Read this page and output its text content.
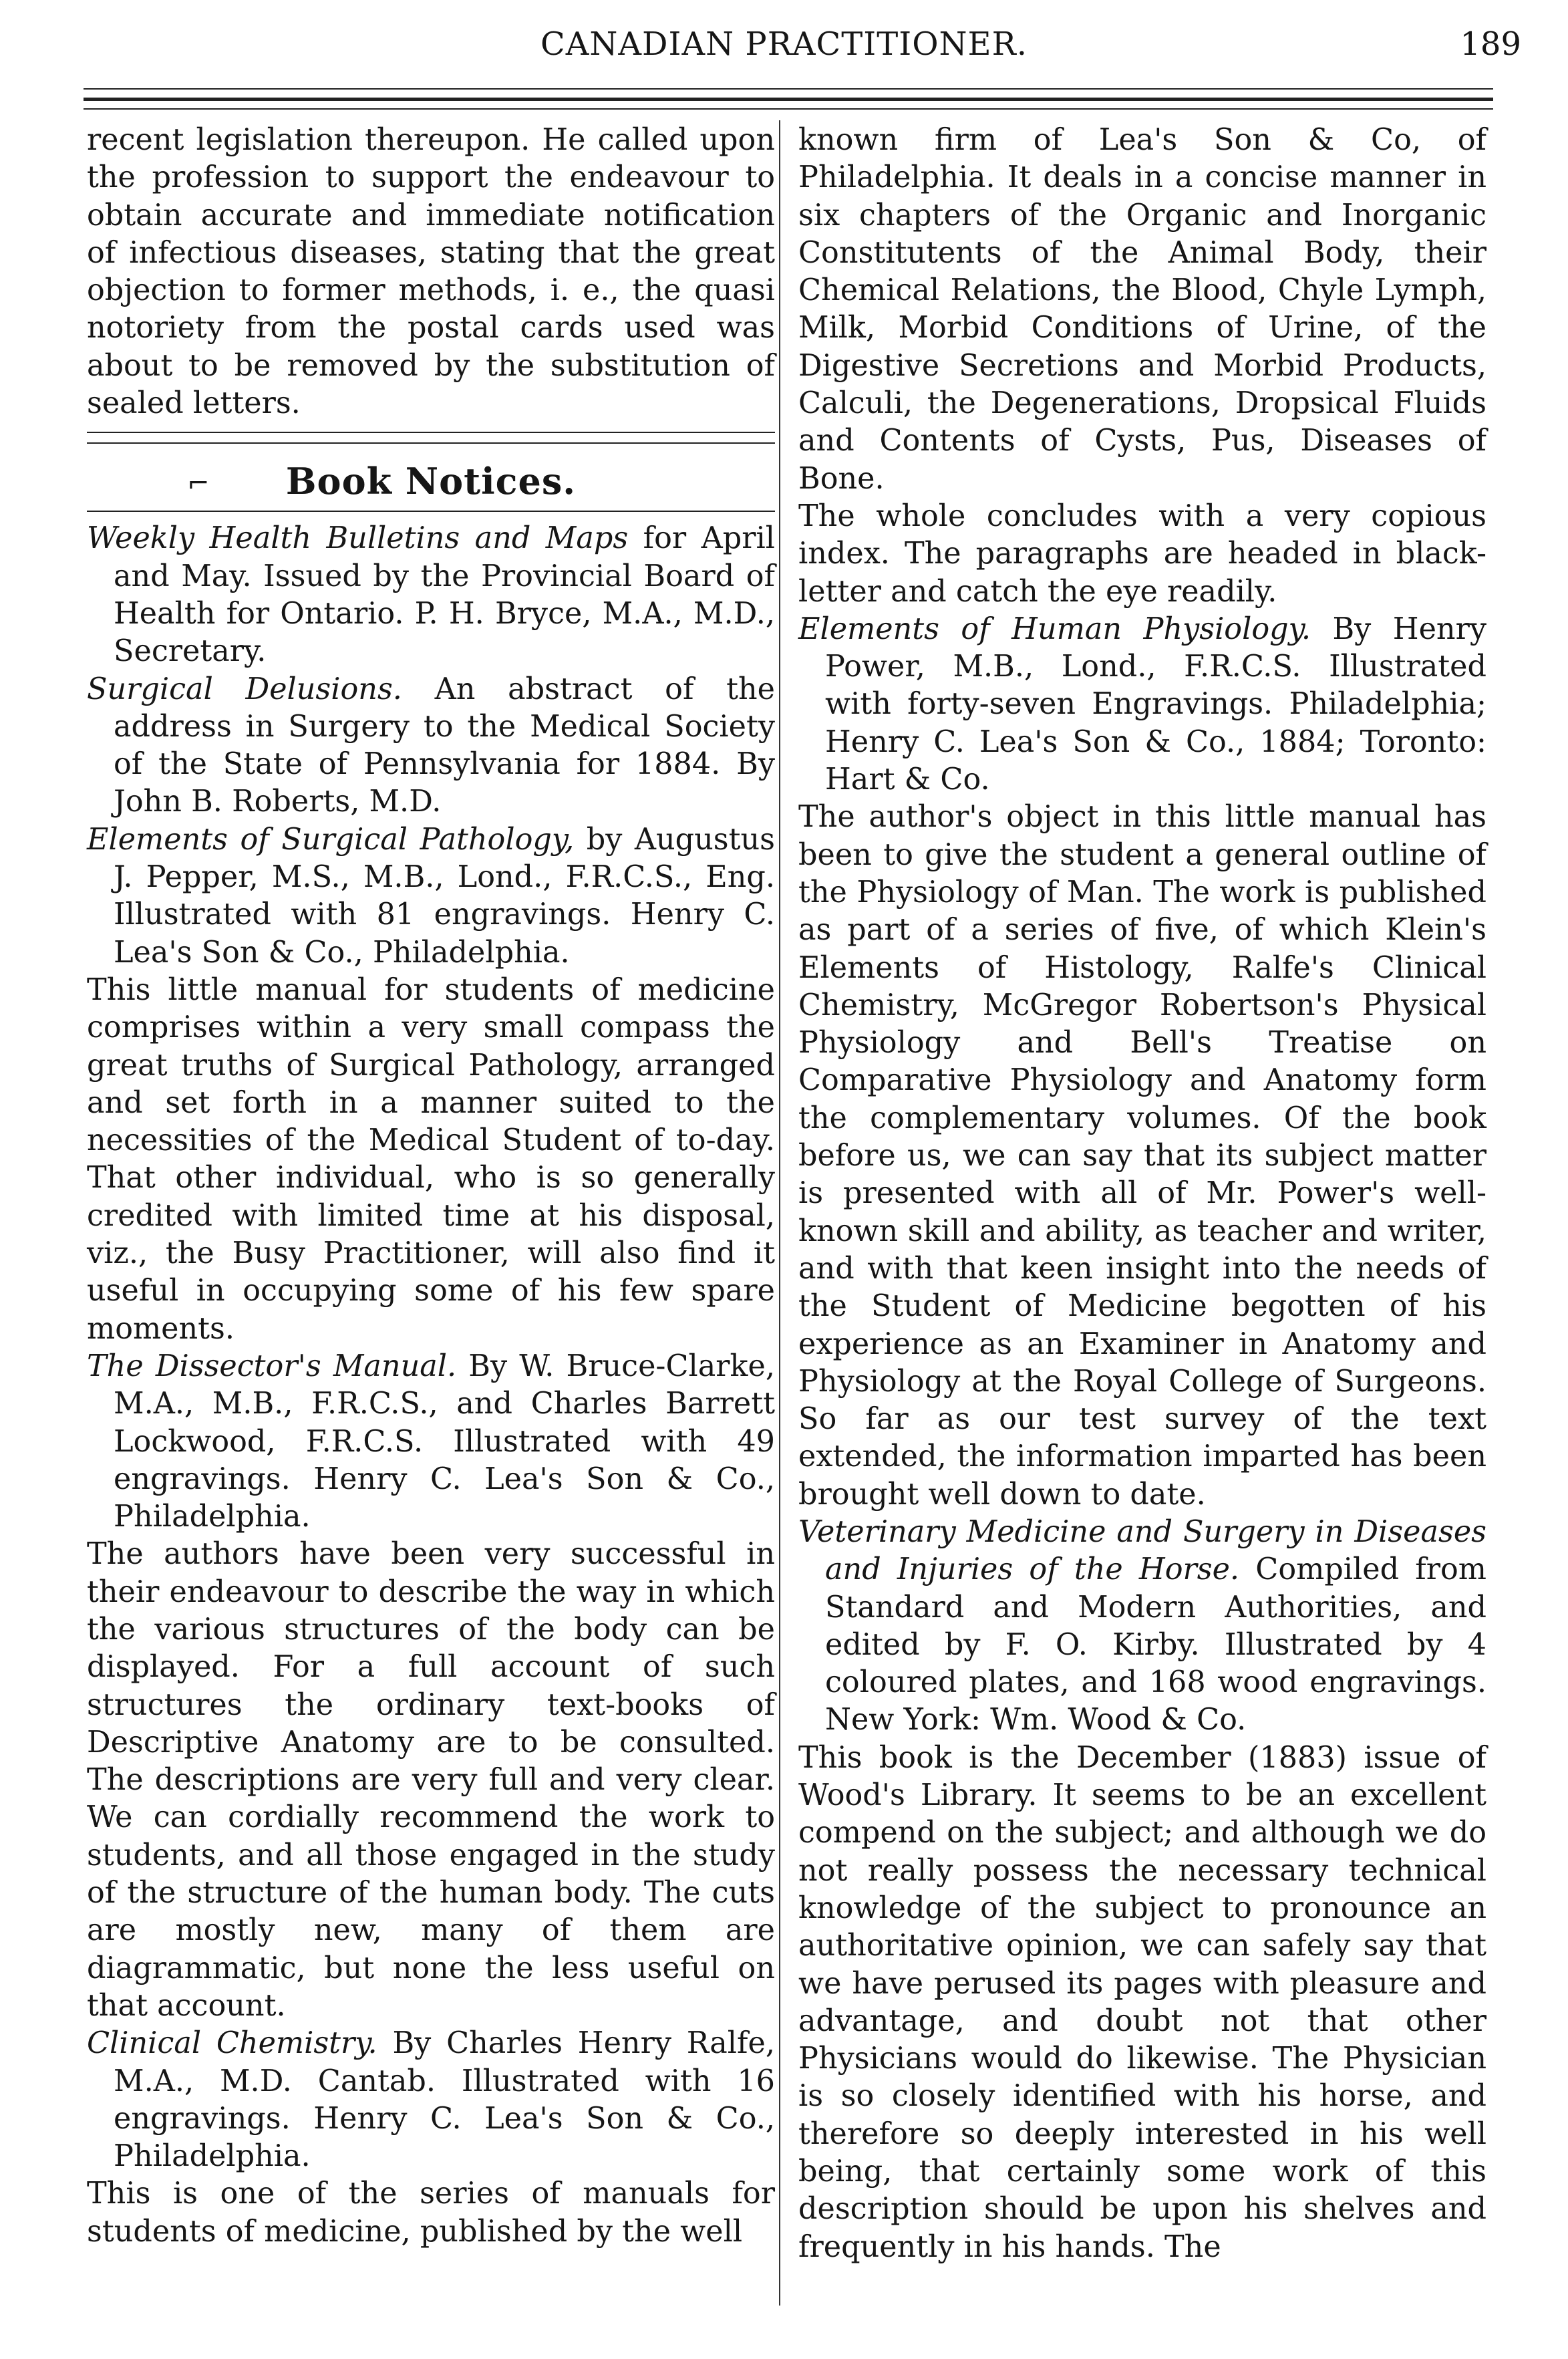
CANADIAN PRACTITIONER.	189

recent legislation thereupon. He called upon the profession to support the endeavour to obtain accurate and immediate notification of infectious diseases, stating that the great objection to former methods, i. e., the quasi notoriety from the postal cards used was about to be removed by the substitution of sealed letters.

⌐ Book Notices.

Weekly Health Bulletins and Maps for April and May. Issued by the Provincial Board of Health for Ontario. P. H. Bryce, M.A., M.D., Secretary.

Surgical Delusions. An abstract of the address in Surgery to the Medical Society of the State of Pennsylvania for 1884. By John B. Roberts, M.D.

Elements of Surgical Pathology, by Augustus J. Pepper, M.S., M.B., Lond., F.R.C.S., Eng. Illustrated with 81 engravings. Henry C. Lea's Son & Co., Philadelphia.

This little manual for students of medicine comprises within a very small compass the great truths of Surgical Pathology, arranged and set forth in a manner suited to the necessities of the Medical Student of to-day. That other individual, who is so generally credited with limited time at his disposal, viz., the Busy Practitioner, will also find it useful in occupying some of his few spare moments.

The Dissector's Manual. By W. Bruce-Clarke, M.A., M.B., F.R.C.S., and Charles Barrett Lockwood, F.R.C.S. Illustrated with 49 engravings. Henry C. Lea's Son & Co., Philadelphia.

The authors have been very successful in their endeavour to describe the way in which the various structures of the body can be displayed. For a full account of such structures the ordinary text-books of Descriptive Anatomy are to be consulted. The descriptions are very full and very clear. We can cordially recommend the work to students, and all those engaged in the study of the structure of the human body. The cuts are mostly new, many of them are diagrammatic, but none the less useful on that account.

Clinical Chemistry. By Charles Henry Ralfe, M.A., M.D. Cantab. Illustrated with 16 engravings. Henry C. Lea's Son & Co., Philadelphia.

This is one of the series of manuals for students of medicine, published by the well

known firm of Lea's Son & Co, of Philadelphia. It deals in a concise manner in six chapters of the Organic and Inorganic Constitutents of the Animal Body, their Chemical Relations, the Blood, Chyle Lymph, Milk, Morbid Conditions of Urine, of the Digestive Secretions and Morbid Products, Calculi, the Degenerations, Dropsical Fluids and Contents of Cysts, Pus, Diseases of Bone.

The whole concludes with a very copious index. The paragraphs are headed in black-letter and catch the eye readily.

Elements of Human Physiology. By Henry Power, M.B., Lond., F.R.C.S. Illustrated with forty-seven Engravings. Philadelphia; Henry C. Lea's Son & Co., 1884; Toronto: Hart & Co.

The author's object in this little manual has been to give the student a general outline of the Physiology of Man. The work is published as part of a series of five, of which Klein's Elements of Histology, Ralfe's Clinical Chemistry, McGregor Robertson's Physical Physiology and Bell's Treatise on Comparative Physiology and Anatomy form the complementary volumes. Of the book before us, we can say that its subject matter is presented with all of Mr. Power's well-known skill and ability, as teacher and writer, and with that keen insight into the needs of the Student of Medicine begotten of his experience as an Examiner in Anatomy and Physiology at the Royal College of Surgeons. So far as our test survey of the text extended, the information imparted has been brought well down to date.

Veterinary Medicine and Surgery in Diseases and Injuries of the Horse. Compiled from Standard and Modern Authorities, and edited by F. O. Kirby. Illustrated by 4 coloured plates, and 168 wood engravings. New York: Wm. Wood & Co.

This book is the December (1883) issue of Wood's Library. It seems to be an excellent compend on the subject; and although we do not really possess the necessary technical knowledge of the subject to pronounce an authoritative opinion, we can safely say that we have perused its pages with pleasure and advantage, and doubt not that other Physicians would do likewise. The Physician is so closely identified with his horse, and therefore so deeply interested in his well being, that certainly some work of this description should be upon his shelves and frequently in his hands. The
